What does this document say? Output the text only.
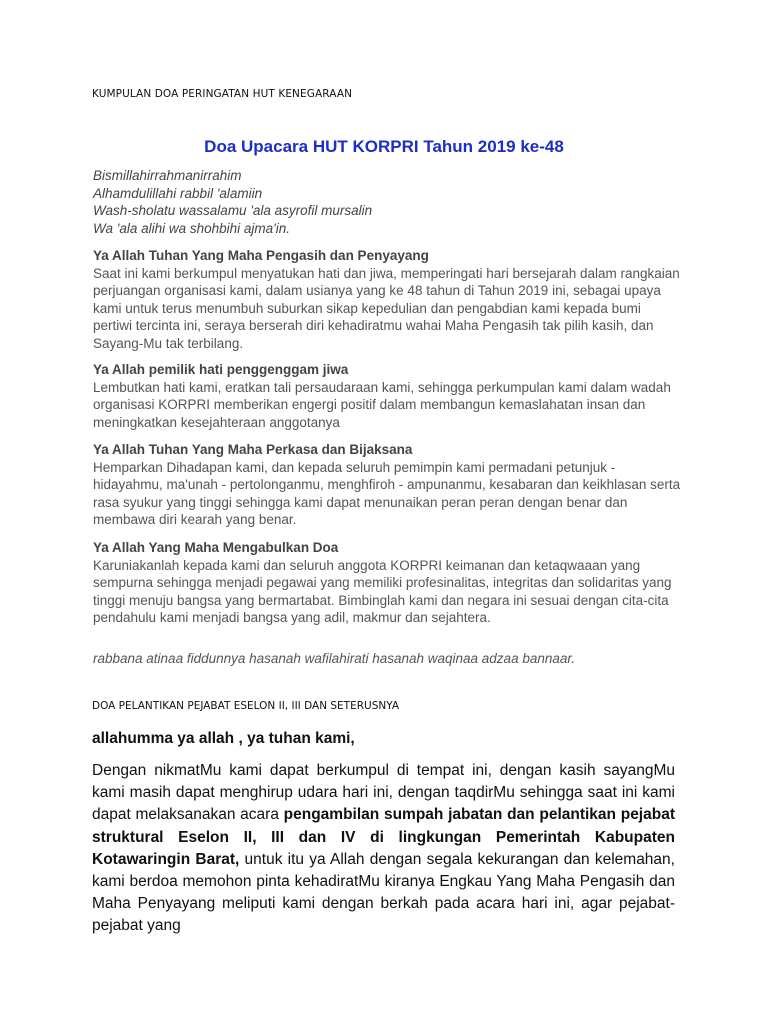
KUMPULAN DOA PERINGATAN HUT KENEGARAAN
Doa Upacara HUT KORPRI Tahun 2019 ke-48
Bismillahirrahmanirrahim
Alhamdulillahi rabbil 'alamiin
Wash-sholatu wassalamu 'ala asyrofil mursalin
Wa 'ala alihi wa shohbihi ajma'in.
Ya Allah Tuhan Yang Maha Pengasih dan Penyayang
Saat ini kami berkumpul menyatukan hati dan jiwa, memperingati hari bersejarah dalam rangkaian perjuangan organisasi kami, dalam usianya yang ke 48 tahun di Tahun 2019 ini, sebagai upaya kami untuk terus menumbuh suburkan sikap kepedulian dan pengabdian kami kepada bumi pertiwi tercinta ini, seraya berserah diri kehadiratmu wahai Maha Pengasih tak pilih kasih, dan Sayang-Mu tak terbilang.
Ya Allah pemilik hati penggenggam jiwa
Lembutkan hati kami, eratkan tali persaudaraan kami, sehingga perkumpulan kami dalam wadah organisasi KORPRI memberikan engergi positif dalam membangun kemaslahatan insan dan meningkatkan kesejahteraan anggotanya
Ya Allah Tuhan Yang Maha Perkasa dan Bijaksana
Hemparkan Dihadapan kami, dan kepada seluruh pemimpin kami permadani petunjuk - hidayahmu, ma'unah - pertolonganmu, menghfiroh - ampunanmu, kesabaran dan keikhlasan serta rasa syukur yang tinggi sehingga kami dapat menunaikan peran peran dengan benar dan membawa diri kearah yang benar.
Ya Allah Yang Maha Mengabulkan Doa
Karuniakanlah kepada kami dan seluruh anggota KORPRI keimanan dan ketaqwaaan yang sempurna sehingga menjadi pegawai yang memiliki profesinalitas, integritas dan solidaritas yang tinggi menuju bangsa yang bermartabat. Bimbinglah kami dan negara ini sesuai dengan cita-cita pendahulu kami menjadi bangsa yang adil, makmur dan sejahtera.
rabbana atinaa fiddunnya hasanah wafilahirati hasanah waqinaa adzaa bannaar.
DOA PELANTIKAN PEJABAT ESELON II, III DAN SETERUSNYA
allahumma ya allah , ya tuhan kami,
Dengan nikmatMu kami dapat berkumpul di tempat ini, dengan kasih sayangMu kami masih dapat menghirup udara hari ini, dengan taqdirMu sehingga saat ini kami dapat melaksanakan acara pengambilan sumpah jabatan dan pelantikan pejabat struktural Eselon II, III dan IV di lingkungan Pemerintah Kabupaten Kotawaringin Barat, untuk itu ya Allah dengan segala kekurangan dan kelemahan, kami berdoa memohon pinta kehadiratMu kiranya Engkau Yang Maha Pengasih dan Maha Penyayang meliputi kami dengan berkah pada acara hari ini, agar pejabat-pejabat yang
